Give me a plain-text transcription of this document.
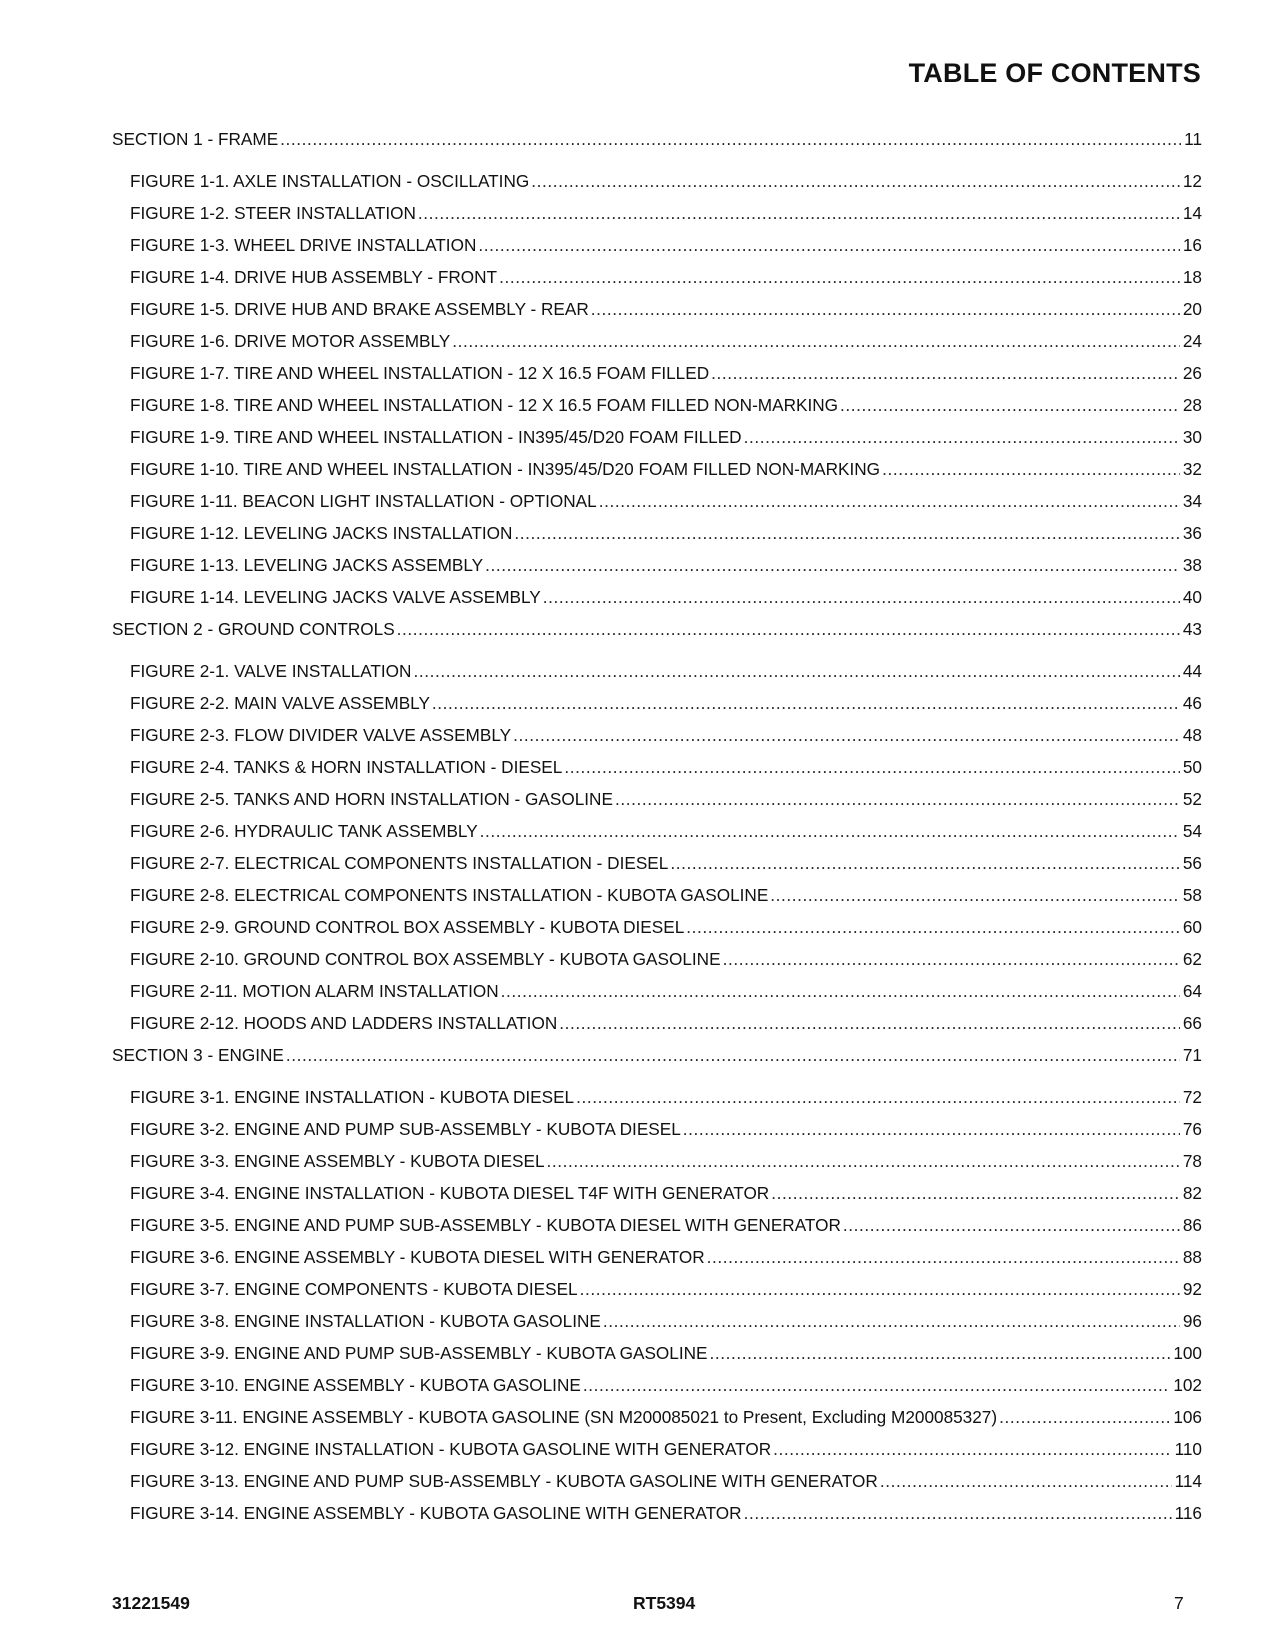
TABLE OF CONTENTS
SECTION 1 - FRAME .....	11
FIGURE 1-1. AXLE INSTALLATION - OSCILLATING .....	12
FIGURE 1-2. STEER INSTALLATION .....	14
FIGURE 1-3. WHEEL DRIVE INSTALLATION .....	16
FIGURE 1-4. DRIVE HUB ASSEMBLY - FRONT .....	18
FIGURE 1-5. DRIVE HUB AND BRAKE ASSEMBLY - REAR .....	20
FIGURE 1-6. DRIVE MOTOR ASSEMBLY .....	24
FIGURE 1-7. TIRE AND WHEEL INSTALLATION - 12 X 16.5 FOAM FILLED .....	26
FIGURE 1-8. TIRE AND WHEEL INSTALLATION - 12 X 16.5 FOAM FILLED NON-MARKING .....	28
FIGURE 1-9. TIRE AND WHEEL INSTALLATION - IN395/45/D20 FOAM FILLED .....	30
FIGURE 1-10. TIRE AND WHEEL INSTALLATION - IN395/45/D20 FOAM FILLED NON-MARKING .....	32
FIGURE 1-11. BEACON LIGHT INSTALLATION - OPTIONAL .....	34
FIGURE 1-12. LEVELING JACKS INSTALLATION .....	36
FIGURE 1-13. LEVELING JACKS ASSEMBLY .....	38
FIGURE 1-14. LEVELING JACKS VALVE ASSEMBLY .....	40
SECTION 2 - GROUND CONTROLS .....	43
FIGURE 2-1. VALVE INSTALLATION .....	44
FIGURE 2-2. MAIN VALVE ASSEMBLY .....	46
FIGURE 2-3. FLOW DIVIDER VALVE ASSEMBLY .....	48
FIGURE 2-4. TANKS & HORN INSTALLATION - DIESEL .....	50
FIGURE 2-5. TANKS AND HORN INSTALLATION - GASOLINE .....	52
FIGURE 2-6. HYDRAULIC TANK ASSEMBLY .....	54
FIGURE 2-7. ELECTRICAL COMPONENTS INSTALLATION - DIESEL .....	56
FIGURE 2-8. ELECTRICAL COMPONENTS INSTALLATION - KUBOTA GASOLINE .....	58
FIGURE 2-9. GROUND CONTROL BOX ASSEMBLY - KUBOTA DIESEL .....	60
FIGURE 2-10. GROUND CONTROL BOX ASSEMBLY - KUBOTA GASOLINE .....	62
FIGURE 2-11. MOTION ALARM INSTALLATION .....	64
FIGURE 2-12. HOODS AND LADDERS INSTALLATION .....	66
SECTION 3 - ENGINE .....	71
FIGURE 3-1. ENGINE INSTALLATION - KUBOTA DIESEL .....	72
FIGURE 3-2. ENGINE AND PUMP SUB-ASSEMBLY - KUBOTA DIESEL .....	76
FIGURE 3-3. ENGINE ASSEMBLY - KUBOTA DIESEL .....	78
FIGURE 3-4. ENGINE INSTALLATION - KUBOTA DIESEL T4F WITH GENERATOR .....	82
FIGURE 3-5. ENGINE AND PUMP SUB-ASSEMBLY - KUBOTA DIESEL WITH GENERATOR .....	86
FIGURE 3-6. ENGINE ASSEMBLY - KUBOTA DIESEL WITH GENERATOR .....	88
FIGURE 3-7. ENGINE COMPONENTS - KUBOTA DIESEL .....	92
FIGURE 3-8. ENGINE INSTALLATION - KUBOTA GASOLINE .....	96
FIGURE 3-9. ENGINE AND PUMP SUB-ASSEMBLY - KUBOTA GASOLINE .....	100
FIGURE 3-10. ENGINE ASSEMBLY - KUBOTA GASOLINE .....	102
FIGURE 3-11. ENGINE ASSEMBLY - KUBOTA GASOLINE (SN M200085021 to Present, Excluding M200085327) .....	106
FIGURE 3-12. ENGINE INSTALLATION - KUBOTA GASOLINE WITH GENERATOR .....	110
FIGURE 3-13. ENGINE AND PUMP SUB-ASSEMBLY - KUBOTA GASOLINE WITH GENERATOR .....	114
FIGURE 3-14. ENGINE ASSEMBLY - KUBOTA GASOLINE WITH GENERATOR .....	116
31221549	RT5394	7
